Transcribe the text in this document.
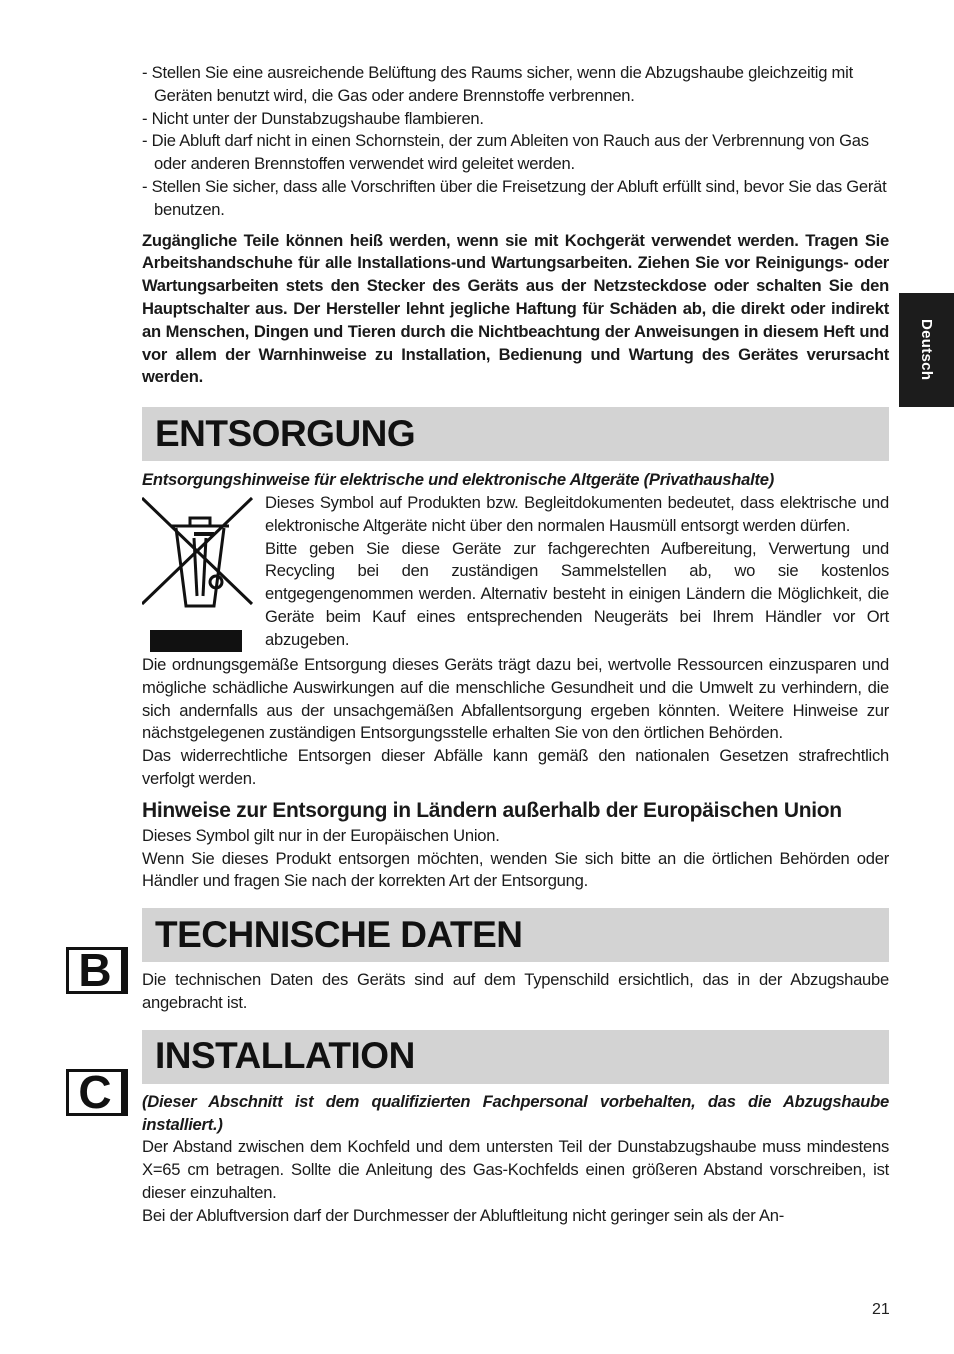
Deutsch
B
C

- Stellen Sie eine ausreichende Belüftung des Raums sicher, wenn die Abzugshaube gleichzeitig mit Geräten benutzt wird, die Gas oder andere Brennstoffe verbrennen.

- Nicht unter der Dunstabzugshaube flambieren.

- Die Abluft darf nicht in einen Schornstein, der zum Ableiten von Rauch aus der Verbrennung von Gas oder anderen Brennstoffen verwendet wird geleitet werden.

- Stellen Sie sicher, dass alle Vorschriften über die Freisetzung der Abluft erfüllt sind, bevor Sie das Gerät benutzen.

Zugängliche Teile können heiß werden, wenn sie mit Kochgerät verwendet werden. Tragen Sie Arbeitshandschuhe für alle Installations-und Wartungsarbeiten. Ziehen Sie vor Reinigungs- oder Wartungsarbeiten stets den Stecker des Geräts aus der Netzsteckdose oder schalten Sie den Hauptschalter aus. Der Hersteller lehnt jegliche Haftung für Schäden ab, die direkt oder indirekt an Menschen, Dingen und Tieren durch die Nichtbeachtung der Anweisungen in diesem Heft und vor allem der Warnhinweise zu Installation, Bedienung und Wartung des Gerätes verursacht werden.

ENTSORGUNG

Entsorgungshinweise für elektrische und elektronische Altgeräte (Privathaushalte)

Dieses Symbol auf Produkten bzw. Begleitdokumenten bedeutet, dass elektrische und elektronische Altgeräte nicht über den normalen Hausmüll entsorgt werden dürfen.

Bitte geben Sie diese Geräte zur fachgerechten Aufbereitung, Verwertung und Recycling bei den zuständigen Sammelstellen ab, wo sie kostenlos entgegengenommen werden. Alternativ besteht in einigen Ländern die Möglichkeit, die Geräte beim Kauf eines entsprechenden Neugeräts bei Ihrem Händler vor Ort abzugeben.

Die ordnungsgemäße Entsorgung dieses Geräts trägt dazu bei, wertvolle Ressourcen einzusparen und mögliche schädliche Auswirkungen auf die menschliche Gesundheit und die Umwelt zu verhindern, die sich andernfalls aus der unsachgemäßen Abfallentsorgung ergeben könnten. Weitere Hinweise zur nächstgelegenen zuständigen Entsorgungsstelle erhalten Sie von den örtlichen Behörden.

Das widerrechtliche Entsorgen dieser Abfälle kann gemäß den nationalen Gesetzen strafrechtlich verfolgt werden.

Hinweise zur Entsorgung in Ländern außerhalb der Europäischen Union

Dieses Symbol gilt nur in der Europäischen Union.

Wenn Sie dieses Produkt entsorgen möchten, wenden Sie sich bitte an die örtlichen Behörden oder Händler und fragen Sie nach der korrekten Art der Entsorgung.

TECHNISCHE DATEN

Die technischen Daten des Geräts sind auf dem Typenschild ersichtlich, das in der Abzugshaube angebracht ist.

INSTALLATION

(Dieser Abschnitt ist dem qualifizierten Fachpersonal vorbehalten, das die Abzugshaube installiert.)

Der Abstand zwischen dem Kochfeld und dem untersten Teil der Dunstabzugshaube muss mindestens X=65 cm betragen. Sollte die Anleitung des Gas-Kochfelds einen größeren Abstand vorschreiben, ist dieser einzuhalten.

Bei der Abluftversion darf der Durchmesser der Abluftleitung nicht geringer sein als der An-

21
